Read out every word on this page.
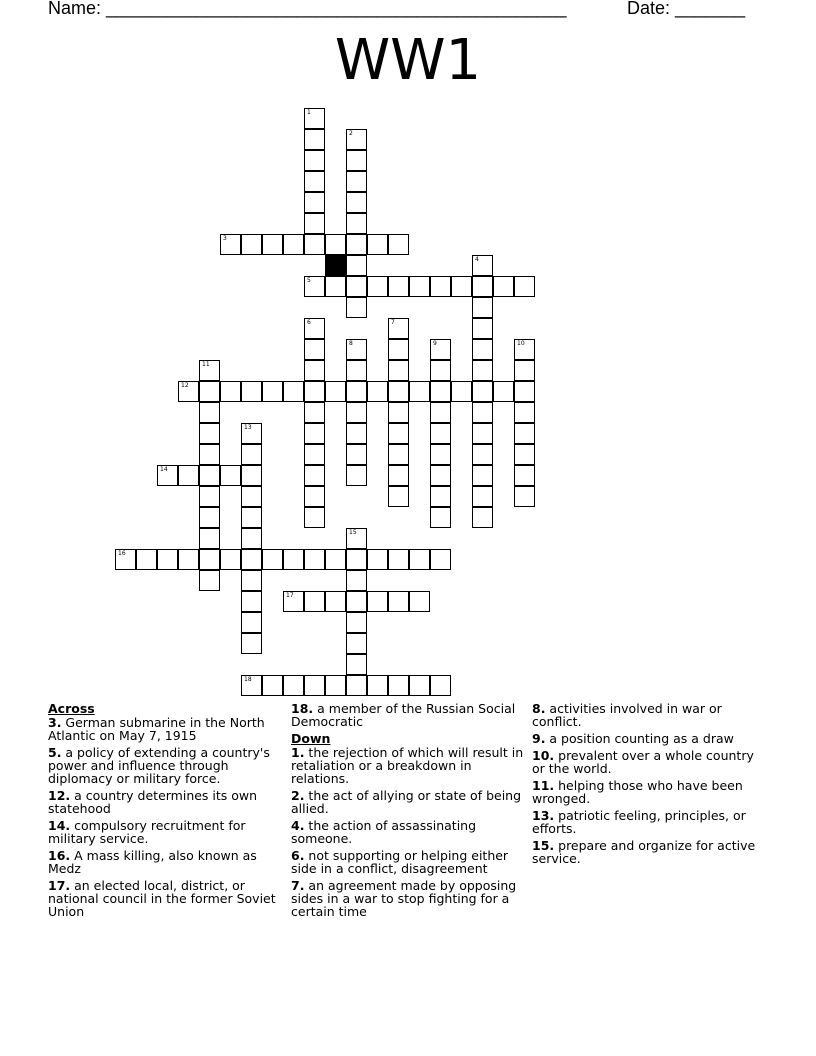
Name: ______________________________________________	Date: _______
WW1
1
2
3
4
5
6	7
8	9	10
11
12
13
14
15
16
17
18
Across
3. German submarine in the North Atlantic on May 7, 1915
5. a policy of extending a country's power and influence through diplomacy or military force.
12. a country determines its own statehood
14. compulsory recruitment for military service.
16. A mass killing, also known as Medz
17. an elected local, district, or national council in the former Soviet Union
18. a member of the Russian Social Democratic
Down
1. the rejection of which will result in retaliation or a breakdown in relations.
2. the act of allying or state of being allied.
4. the action of assassinating someone.
6. not supporting or helping either side in a conflict, disagreement
7. an agreement made by opposing sides in a war to stop fighting for a certain time
8. activities involved in war or conflict.
9. a position counting as a draw
10. prevalent over a whole country or the world.
11. helping those who have been wronged.
13. patriotic feeling, principles, or efforts.
15. prepare and organize for active service.
